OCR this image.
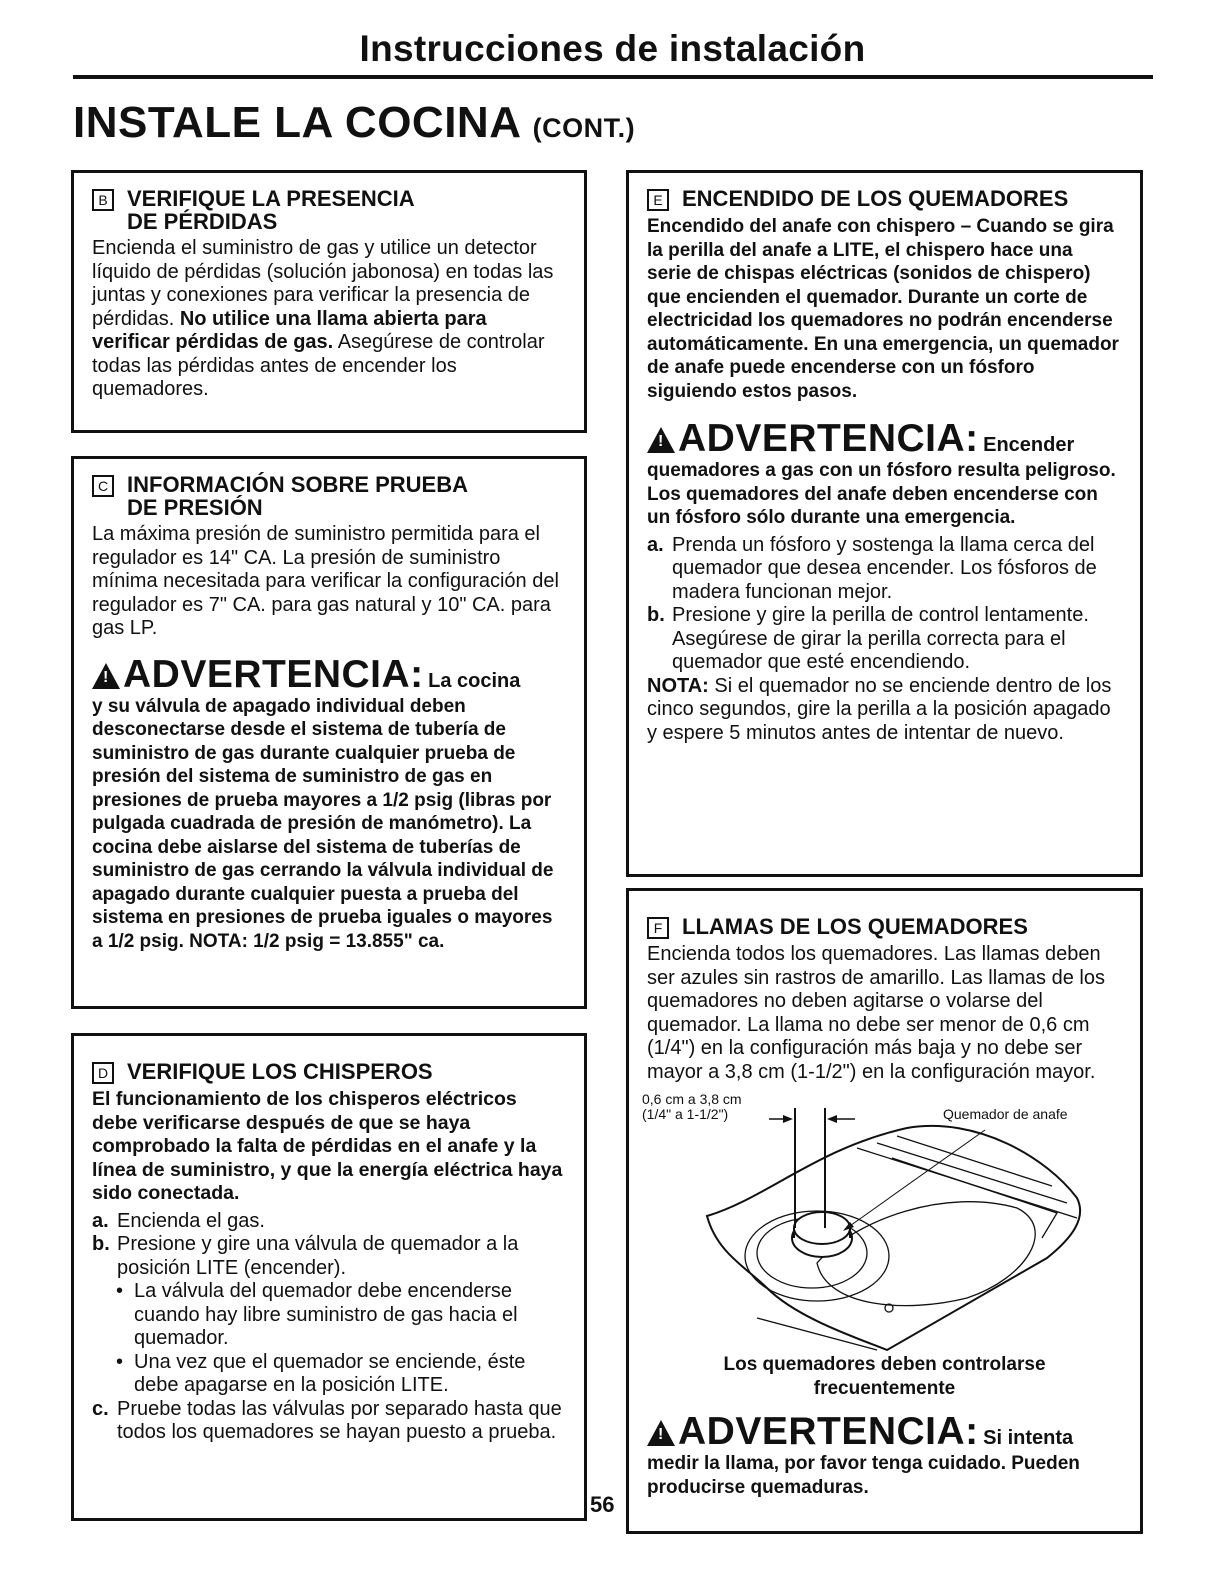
Instrucciones de instalación
INSTALE LA COCINA (CONT.)
B VERIFIQUE LA PRESENCIA
DE PÉRDIDAS

Encienda el suministro de gas y utilice un detector líquido de pérdidas (solución jabonosa) en todas las juntas y conexiones para verificar la presencia de pérdidas. No utilice una llama abierta para verificar pérdidas de gas. Asegúrese de controlar todas las pérdidas antes de encender los quemadores.

C INFORMACIÓN SOBRE PRUEBA
DE PRESIÓN

La máxima presión de suministro permitida para el regulador es 14" CA. La presión de suministro mínima necesitada para verificar la configuración del regulador es 7" CA. para gas natural y 10" CA. para gas LP.

!ADVERTENCIA: La cocina

y su válvula de apagado individual deben desconectarse desde el sistema de tubería de suministro de gas durante cualquier prueba de presión del sistema de suministro de gas en presiones de prueba mayores a 1/2 psig (libras por pulgada cuadrada de presión de manómetro). La cocina debe aislarse del sistema de tuberías de suministro de gas cerrando la válvula individual de apagado durante cualquier puesta a prueba del sistema en presiones de prueba iguales o mayores a 1/2 psig. NOTA: 1/2 psig = 13.855" ca.

D VERIFIQUE LOS CHISPEROS

El funcionamiento de los chisperos eléctricos debe verificarse después de que se haya comprobado la falta de pérdidas en el anafe y la línea de suministro, y que la energía eléctrica haya sido conectada.

a. Encienda el gas.
b. Presione y gire una válvula de quemador a la posición LITE (encender).
• La válvula del quemador debe encenderse cuando hay libre suministro de gas hacia el quemador.
• Una vez que el quemador se enciende, éste debe apagarse en la posición LITE.
c. Pruebe todas las válvulas por separado hasta que todos los quemadores se hayan puesto a prueba.
56
E ENCENDIDO DE LOS QUEMADORES

Encendido del anafe con chispero – Cuando se gira la perilla del anafe a LITE, el chispero hace una serie de chispas eléctricas (sonidos de chispero) que encienden el quemador. Durante un corte de electricidad los quemadores no podrán encenderse automáticamente. En una emergencia, un quemador de anafe puede encenderse con un fósforo siguiendo estos pasos.

!ADVERTENCIA: Encender

quemadores a gas con un fósforo resulta peligroso. Los quemadores del anafe deben encenderse con un fósforo sólo durante una emergencia.

a. Prenda un fósforo y sostenga la llama cerca del quemador que desea encender. Los fósforos de madera funcionan mejor.
b. Presione y gire la perilla de control lentamente. Asegúrese de girar la perilla correcta para el quemador que esté encendiendo.

NOTA: Si el quemador no se enciende dentro de los cinco segundos, gire la perilla a la posición apagado y espere 5 minutos antes de intentar de nuevo.

F LLAMAS DE LOS QUEMADORES

Encienda todos los quemadores. Las llamas deben ser azules sin rastros de amarillo. Las llamas de los quemadores no deben agitarse o volarse del quemador. La llama no debe ser menor de 0,6 cm (1/4") en la configuración más baja y no debe ser mayor a 3,8 cm (1-1/2") en la configuración mayor.

0,6 cm a 3,8 cm
(1/4" a 1-1/2")	Quemador de anafe
Los quemadores deben controlarse
frecuentemente
!ADVERTENCIA: Si intenta

medir la llama, por favor tenga cuidado. Pueden producirse quemaduras.
